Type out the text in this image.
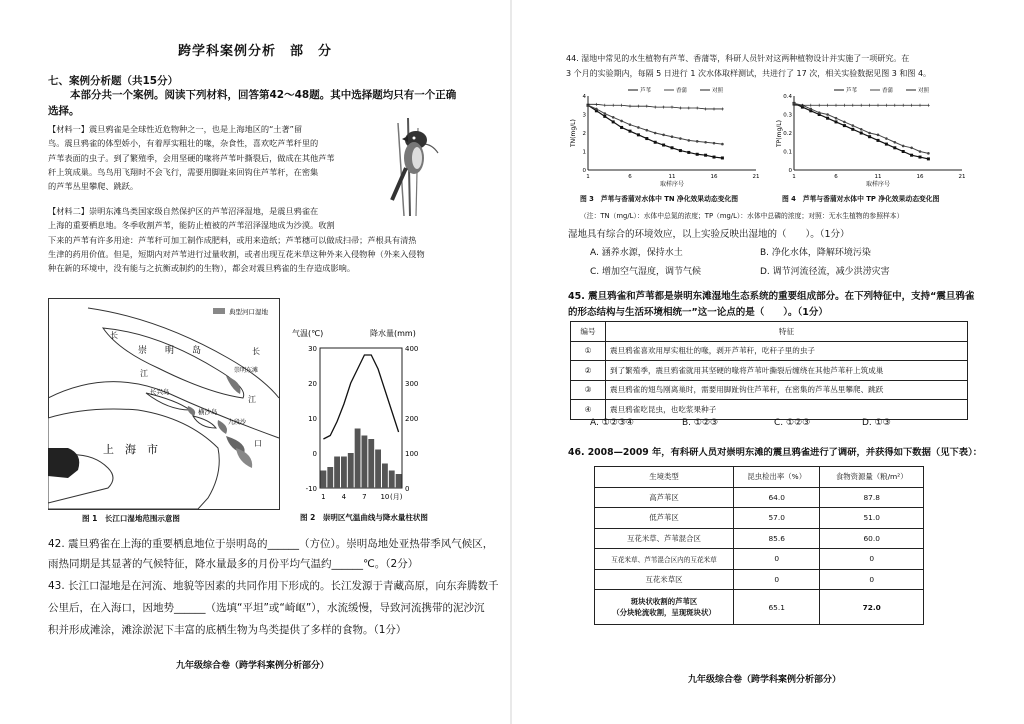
跨学科案例分析　部　分
七、案例分析题（共15分）
本部分共一个案例。阅读下列材料，回答第42～48题。其中选择题均只有一个正确
选择。
【材料一】震旦鸦雀是全球性近危物种之一，也是上海地区的“土著”留
鸟。震旦鸦雀的体型娇小，有着厚实粗壮的喙，杂食性，喜欢吃芦苇秆里的
芦苇表面的虫子。到了繁殖季，会用坚硬的喙将芦苇叶撕裂后，做成在其他芦苇
秆上筑成巢。鸟鸟用飞翔时不会飞行，需要用脚趾来回钩住芦苇秆，在密集
的芦苇丛里攀爬、跳跃。
【材料二】崇明东滩鸟类国家级自然保护区的芦苇沼泽湿地，是震旦鸦雀在
上海的重要栖息地。冬季收割芦苇，能防止植被的芦苇沼泽湿地成为沙漠。收割
下来的芦苇有许多用途：芦苇秆可加工制作成肥料，或用来造纸；芦苇穗可以做成扫帚；芦根具有清热
生津的药用价值。但是，短期内对芦苇进行过量收割，或者出现互花米草这种外来入侵物种（外来入侵物
种在新的环境中，没有能与之抗衡或制约的生物），都会对震旦鸦雀的生存造成影响。
典型河口湿地
崇　　明　　岛
上　海　市
长
江	崇明东滩
长兴岛
横沙岛
九段沙
长
江
口
图 1　长江口湿地范围示意图
气温(℃)	降水量(mm)
-10
0
10
20
30
0
100
200
300
400
1 4 7 10 (月)
图 2　崇明区气温曲线与降水量柱状图
42. 震旦鸦雀在上海的重要栖息地位于崇明岛的______（方位）。崇明岛地处亚热带季风气候区，
雨热同期是其显著的气候特征，降水量最多的月份平均气温约______℃。（2分）
43. 长江口湿地是在河流、地貌等因素的共同作用下形成的。长江发源于青藏高原，向东奔腾数千
公里后，在入海口，因地势______（选填“平坦”或“崎岖”），水流缓慢，导致河流携带的泥沙沉
积并形成滩涂，滩涂淤泥下丰富的底栖生物为鸟类提供了多样的食物。（1分）
九年级综合卷（跨学科案例分析部分）
44. 湿地中常见的水生植物有芦苇、香蒲等，科研人员针对这两种植物设计并实施了一项研究。在
3 个月的实验期内，每隔 5 日进行 1 次水体取样测试，共进行了 17 次，相关实验数据见图 3 和图 4。
TN(mg/L)
0
1
2
3
4
1	6	11	16	21
取样序号
芦苇	香蒲	对照
TP(mg/L)
0
0.1
0.2
0.3
0.4
1	6	11	16	21
取样序号
芦苇	香蒲	对照
图 3　芦苇与香蒲对水体中 TN 净化效果动态变化图	图 4　芦苇与香蒲对水体中 TP 净化效果动态变化图
（注：TN（mg/L）：水体中总氮的浓度；TP（mg/L）：水体中总磷的浓度；对照：无水生植物的参照样本）
湿地具有综合的环境效应，以上实验反映出湿地的（　　）。（1分）
A. 涵养水源，保持水土	B. 净化水体，降解环境污染
C. 增加空气湿度，调节气候	D. 调节河流径流，减少洪涝灾害
45. 震旦鸦雀和芦苇都是崇明东滩湿地生态系统的重要组成部分。在下列特征中，支持“震旦鸦雀
的形态结构与生活环境相统一”这一论点的是（　　）。（1分）
编号	特征
①	震旦鸦雀喜欢用厚实粗壮的喙，剥开芦苇秆，吃秆子里的虫子
②	到了繁殖季，震旦鸦雀就用其坚硬的喙将芦苇叶撕裂后缠绕在其他芦苇秆上筑成巢
③	震旦鸦雀的翅鸟刚离巢时，需要用脚趾钩住芦苇秆，在密集的芦苇丛里攀爬、跳跃
④	震旦鸦雀吃昆虫，也吃浆果种子
A. ①②③④	B. ①②③	C. ①②③	D. ①③
46. 2008—2009 年，有科研人员对崇明东滩的震旦鸦雀进行了调研，并获得如下数据（见下表）：
生境类型	昆虫检出率（%）	食物资源量（粮/m²）
高芦苇区	64.0	87.8
低芦苇区	57.0	51.0
互花米草、芦苇混合区	85.6	60.0
互花米草、芦苇混合区内的互花米草	0	0
互花米草区	0	0

斑块状收割的芦苇区
（分块轮流收割，呈现斑块状）	65.1	72.0
九年级综合卷（跨学科案例分析部分）
